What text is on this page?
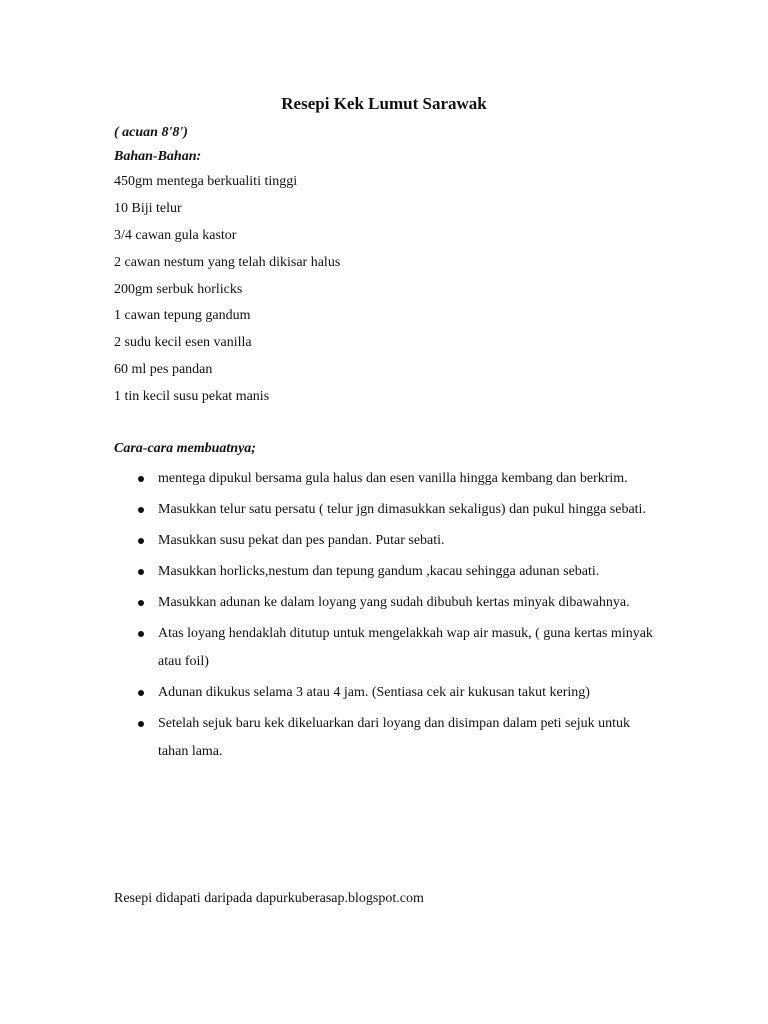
Resepi Kek Lumut Sarawak
( acuan 8'8')
Bahan-Bahan:
450gm mentega berkualiti tinggi
10 Biji telur
3/4 cawan gula kastor
2 cawan nestum yang telah dikisar halus
200gm serbuk horlicks
1 cawan tepung gandum
2 sudu kecil esen vanilla
60 ml pes pandan
1 tin kecil susu pekat manis
Cara-cara membuatnya;
mentega dipukul bersama gula halus dan esen vanilla hingga kembang dan berkrim.
Masukkan telur satu persatu ( telur jgn dimasukkan sekaligus) dan pukul hingga sebati.
Masukkan susu pekat dan pes pandan. Putar sebati.
Masukkan horlicks,nestum dan tepung gandum ,kacau sehingga adunan sebati.
Masukkan adunan ke dalam loyang yang sudah dibubuh kertas minyak dibawahnya.
Atas loyang hendaklah ditutup untuk mengelakkah wap air masuk, ( guna kertas minyak atau foil)
Adunan dikukus selama 3 atau 4 jam. (Sentiasa cek air kukusan takut kering)
Setelah sejuk baru kek dikeluarkan dari loyang dan disimpan dalam peti sejuk untuk tahan lama.
Resepi didapati daripada dapurkuberasap.blogspot.com
